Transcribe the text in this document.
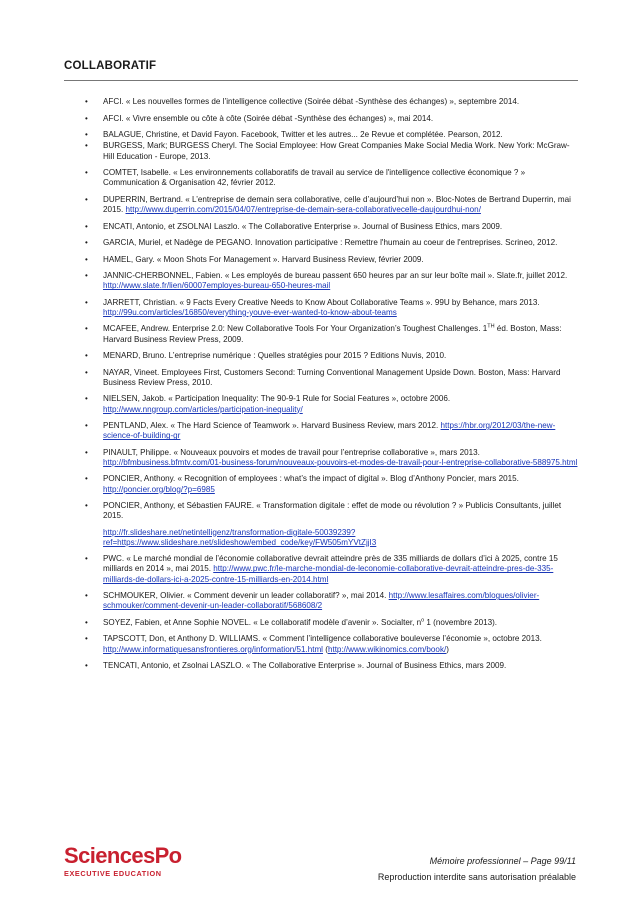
COLLABORATIF
• AFCI. « Les nouvelles formes de l’intelligence collective (Soirée débat -Synthèse des échanges) », septembre 2014.

• AFCI. « Vivre ensemble ou côte à côte (Soirée débat -Synthèse des échanges) », mai 2014.

• BALAGUE, Christine, et David Fayon. Facebook, Twitter et les autres... 2e Revue et complétée. Pearson, 2012.

• BURGESS, Mark; BURGESS Cheryl. The Social Employee: How Great Companies Make Social Media Work. New York: McGraw-Hill Education - Europe, 2013.

• COMTET, Isabelle. « Les environnements collaboratifs de travail au service de l'intelligence collective économique ? » Communication & Organisation 42, février 2012.

• DUPERRIN, Bertrand. « L’entreprise de demain sera collaborative, celle d’aujourd’hui non ». Bloc-Notes de Bertrand Duperrin, mai 2015. http://www.duperrin.com/2015/04/07/entreprise-de-demain-sera-collaborativecelle-daujourdhui-non/

• ENCATI, Antonio, et ZSOLNAI Laszlo. « The Collaborative Enterprise ». Journal of Business Ethics, mars 2009.

• GARCIA, Muriel, et Nadège de PEGANO. Innovation participative : Remettre l'humain au coeur de l'entreprises. Scrineo, 2012.

• HAMEL, Gary. « Moon Shots For Management ». Harvard Business Review, février 2009.

• JANNIC-CHERBONNEL, Fabien. « Les employés de bureau passent 650 heures par an sur leur boîte mail ». Slate.fr, juillet 2012. http://www.slate.fr/lien/60007employes-bureau-650-heures-mail

• JARRETT, Christian. « 9 Facts Every Creative Needs to Know About Collaborative Teams ». 99U by Behance, mars 2013. http://99u.com/articles/16850/everything-youve-ever-wanted-to-know-about-teams

• MCAFEE, Andrew. Enterprise 2.0: New Collaborative Tools For Your Organization’s Toughest Challenges. 1TH éd. Boston, Mass: Harvard Business Review Press, 2009.

• MENARD, Bruno. L’entreprise numérique : Quelles stratégies pour 2015 ? Editions Nuvis, 2010.

• NAYAR, Vineet. Employees First, Customers Second: Turning Conventional Management Upside Down. Boston, Mass: Harvard Business Review Press, 2010.

• NIELSEN, Jakob. « Participation Inequality: The 90-9-1 Rule for Social Features », octobre 2006. http://www.nngroup.com/articles/participation-inequality/

• PENTLAND, Alex. « The Hard Science of Teamwork ». Harvard Business Review, mars 2012. https://hbr.org/2012/03/the-new-science-of-building-gr

• PINAULT, Philippe. « Nouveaux pouvoirs et modes de travail pour l’entreprise collaborative », mars 2013. http://bfmbusiness.bfmtv.com/01-business-forum/nouveaux-pouvoirs-et-modes-de-travail-pour-l-entreprise-collaborative-588975.html

• PONCIER, Anthony. « Recognition of employees : what’s the impact of digital ». Blog d’Anthony Poncier, mars 2015. http://poncier.org/blog/?p=6985

• PONCIER, Anthony, et Sébastien FAURE. « Transformation digitale : effet de mode ou révolution ? » Publicis Consultants, juillet 2015.

http://fr.slideshare.net/netintelligenz/transformation-digitale-50039239?ref=https://www.slideshare.net/slideshow/embed_code/key/FW505mYVtZjjI3

• PWC. « Le marché mondial de l’économie collaborative devrait atteindre près de 335 milliards de dollars d’ici à 2025, contre 15 milliards en 2014 », mai 2015. http://www.pwc.fr/le-marche-mondial-de-leconomie-collaborative-devrait-atteindre-pres-de-335-milliards-de-dollars-ici-a-2025-contre-15-milliards-en-2014.html

• SCHMOUKER, Olivier. « Comment devenir un leader collaboratif? », mai 2014. http://www.lesaffaires.com/blogues/olivier-schmouker/comment-devenir-un-leader-collaboratif/568608/2

• SOYEZ, Fabien, et Anne Sophie NOVEL. « Le collaboratif modèle d’avenir ». Socialter, $n^o$ 1 (novembre 2013).

• TAPSCOTT, Don, et Anthony D. WILLIAMS. « Comment l’intelligence collaborative bouleverse l’économie », octobre 2013. http://www.informatiquesansfrontieres.org/information/51.html (http://www.wikinomics.com/book/)

• TENCATI, Antonio, et Zsolnai LASZLO. « The Collaborative Enterprise ». Journal of Business Ethics, mars 2009.

SciencesPo
EXECUTIVE EDUCATION
Mémoire professionnel – Page 99/11
Reproduction interdite sans autorisation préalable
